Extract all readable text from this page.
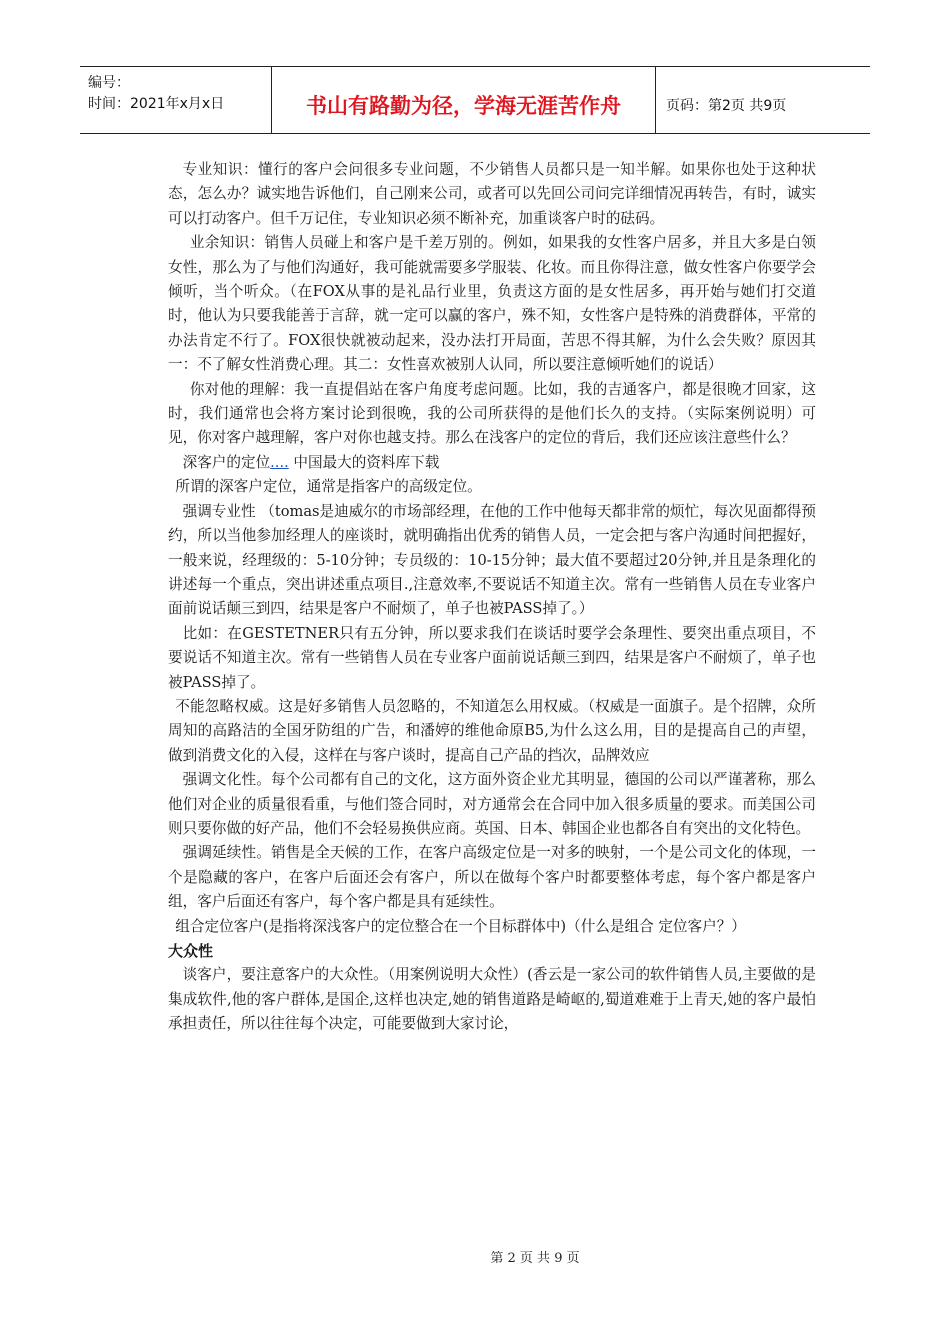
编号：
时间：2021年x月x日	书山有路勤为径，学海无涯苦作舟	页码：第2页 共9页

专业知识：懂行的客户会问很多专业问题，不少销售人员都只是一知半解。如果你也处于这种状态，怎么办？诚实地告诉他们，自己刚来公司，或者可以先回公司问完详细情况再转告，有时，诚实可以打动客户。但千万记住，专业知识必须不断补充，加重谈客户时的砝码。

业余知识：销售人员碰上和客户是千差万别的。例如，如果我的女性客户居多，并且大多是白领女性，那么为了与他们沟通好，我可能就需要多学服装、化妆。而且你得注意，做女性客户你要学会倾听，当个听众。（在FOX从事的是礼品行业里，负责这方面的是女性居多，再开始与她们打交道时，他认为只要我能善于言辞，就一定可以赢的客户，殊不知，女性客户是特殊的消费群体，平常的办法肯定不行了。FOX很快就被动起来，没办法打开局面，苦思不得其解，为什么会失败？原因其一：不了解女性消费心理。其二：女性喜欢被别人认同，所以要注意倾听她们的说话）

你对他的理解：我一直提倡站在客户角度考虑问题。比如，我的吉通客户，都是很晚才回家，这时，我们通常也会将方案讨论到很晚，我的公司所获得的是他们长久的支持。（实际案例说明）可见，你对客户越理解，客户对你也越支持。那么在浅客户的定位的背后，我们还应该注意些什么？

深客户的定位.... 中国最大的资料库下载

所谓的深客户定位，通常是指客户的高级定位。

强调专业性 （tomas是迪威尔的市场部经理，在他的工作中他每天都非常的烦忙，每次见面都得预约，所以当他参加经理人的座谈时，就明确指出优秀的销售人员，一定会把与客户沟通时间把握好，一般来说，经理级的：5-10分钟；专员级的：10-15分钟；最大值不要超过20分钟,并且是条理化的讲述每一个重点，突出讲述重点项目.,注意效率,不要说话不知道主次。常有一些销售人员在专业客户面前说话颠三到四，结果是客户不耐烦了，单子也被PASS掉了。）

比如：在GESTETNER只有五分钟，所以要求我们在谈话时要学会条理性、要突出重点项目，不要说话不知道主次。常有一些销售人员在专业客户面前说话颠三到四，结果是客户不耐烦了，单子也被PASS掉了。

不能忽略权威。这是好多销售人员忽略的，不知道怎么用权威。（权威是一面旗子。是个招牌，众所周知的高路洁的全国牙防组的广告，和潘婷的维他命原B5,为什么这么用，目的是提高自己的声望，做到消费文化的入侵，这样在与客户谈时，提高自己产品的挡次，品牌效应

强调文化性。每个公司都有自己的文化，这方面外资企业尤其明显，德国的公司以严谨著称，那么他们对企业的质量很看重，与他们签合同时，对方通常会在合同中加入很多质量的要求。而美国公司则只要你做的好产品，他们不会轻易换供应商。英国、日本、韩国企业也都各自有突出的文化特色。

强调延续性。销售是全天候的工作，在客户高级定位是一对多的映射，一个是公司文化的体现，一个是隐藏的客户，在客户后面还会有客户，所以在做每个客户时都要整体考虑，每个客户都是客户组，客户后面还有客户，每个客户都是具有延续性。

组合定位客户(是指将深浅客户的定位整合在一个目标群体中)（什么是组合 定位客户？）

大众性

谈客户，要注意客户的大众性。（用案例说明大众性）(香云是一家公司的软件销售人员,主要做的是集成软件,他的客户群体,是国企,这样也决定,她的销售道路是崎岖的,蜀道难难于上青天,她的客户最怕承担责任，所以往往每个决定，可能要做到大家讨论，

第 2 页 共 9 页
